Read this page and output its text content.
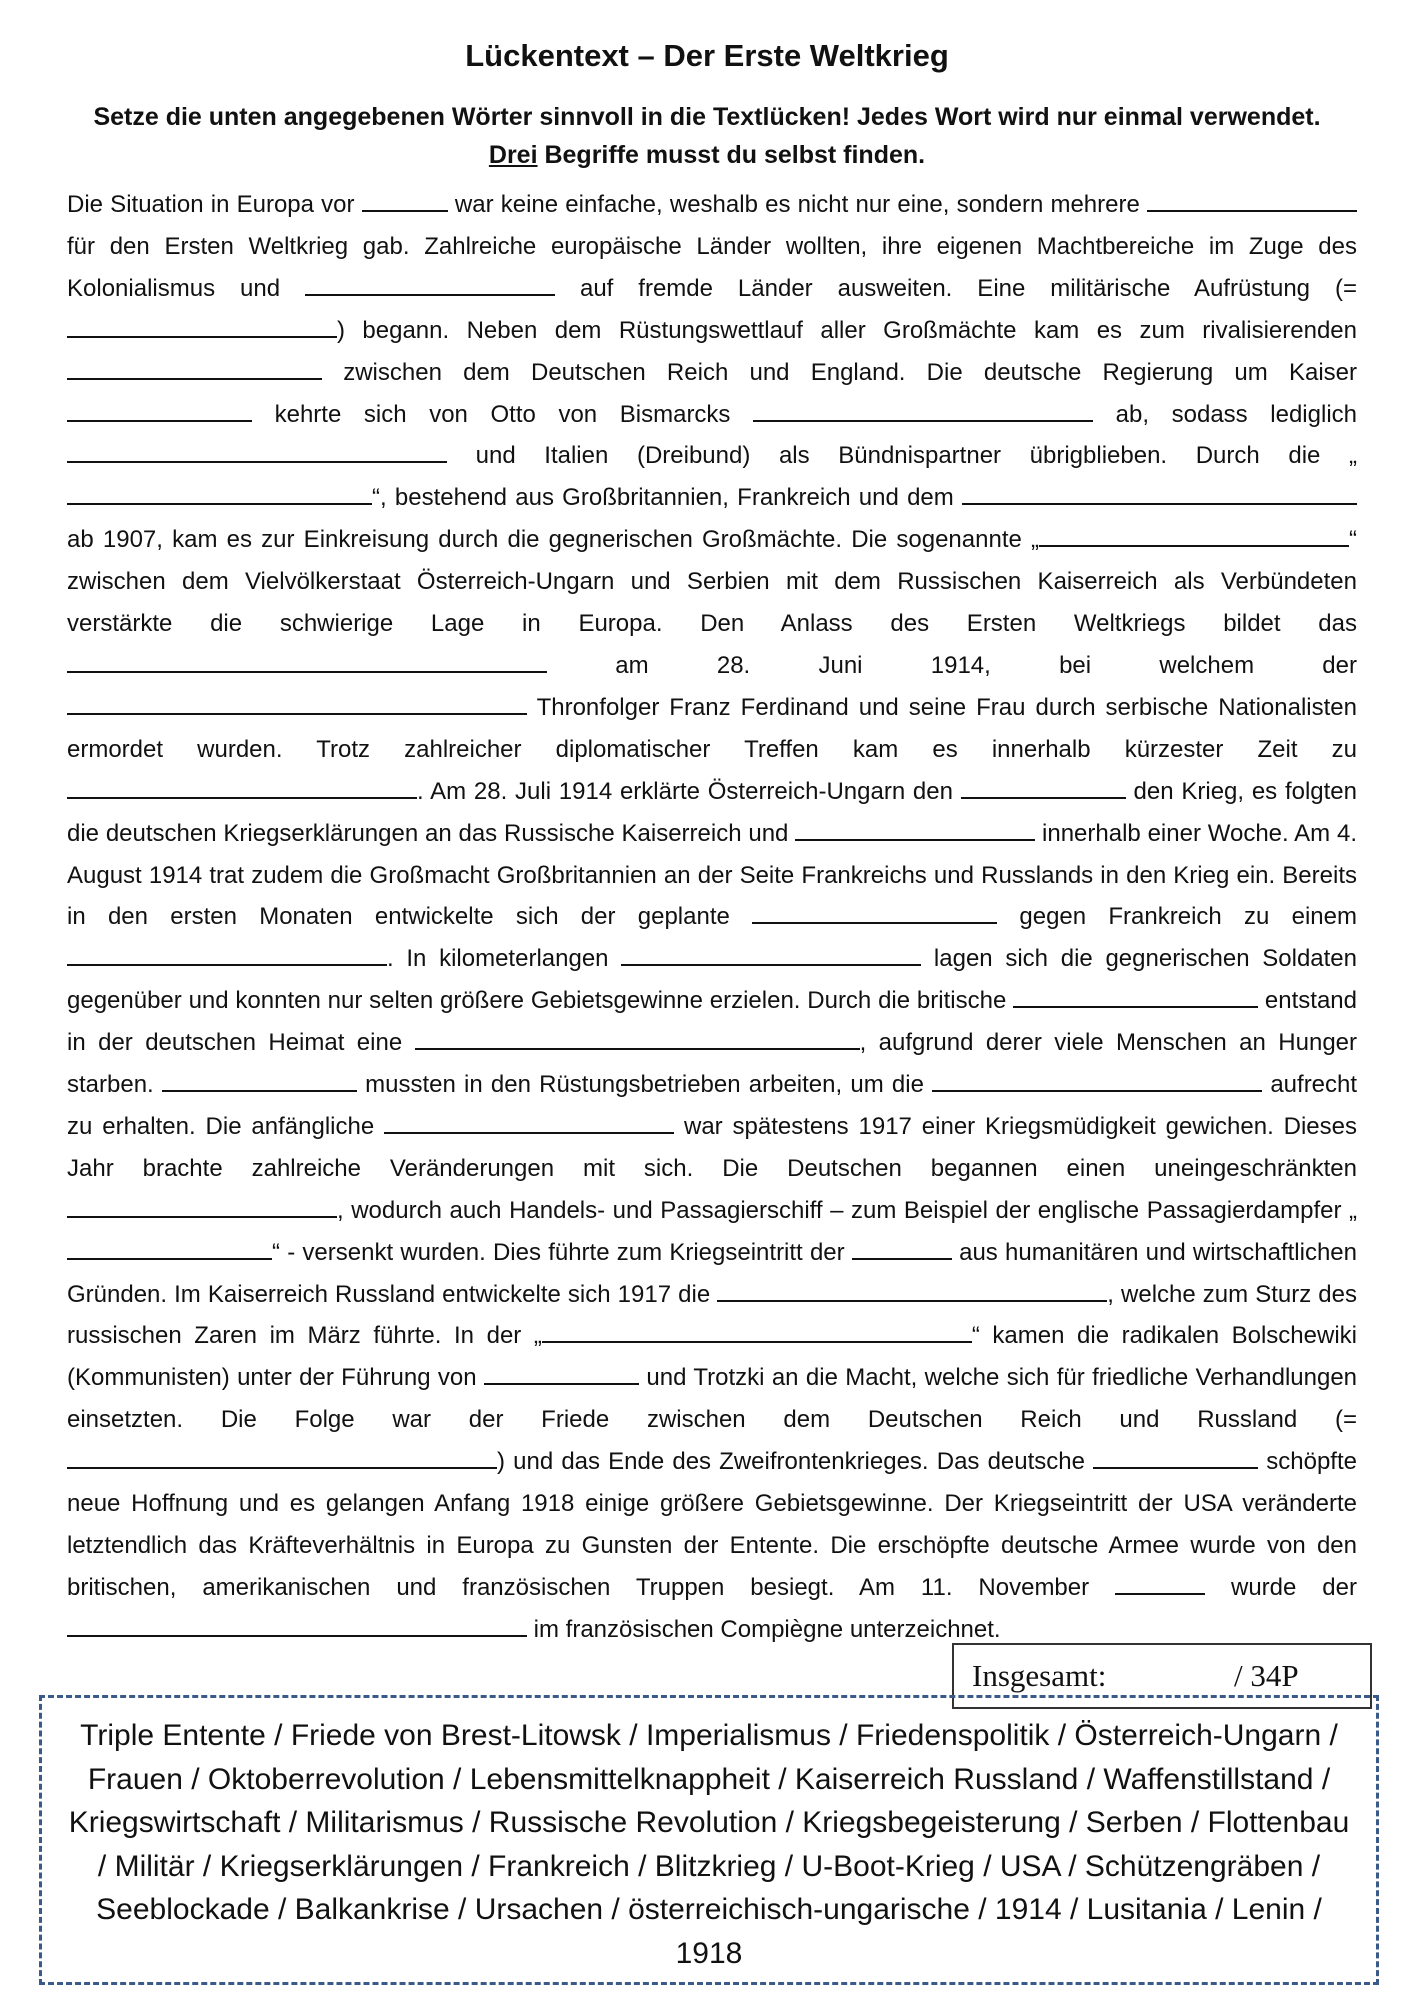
Lückentext – Der Erste Weltkrieg
Setze die unten angegebenen Wörter sinnvoll in die Textlücken! Jedes Wort wird nur einmal verwendet. Drei Begriffe musst du selbst finden.
Die Situation in Europa vor	war keine einfache, weshalb es nicht nur eine, sondern mehrere  für den Ersten Weltkrieg gab. Zahlreiche europäische Länder wollten, ihre eigenen Machtbereiche im Zuge des Kolonialismus und	auf fremde Länder ausweiten. Eine militärische Aufrüstung (= ) begann. Neben dem Rüstungswettlauf aller Großmächte kam es zum rivalisierenden  zwischen dem Deutschen Reich und England. Die deutsche Regierung um Kaiser  kehrte sich von Otto von Bismarcks	ab, sodass lediglich  und Italien (Dreibund) als Bündnispartner übrigblieben. Durch die „“, bestehend aus Großbritannien, Frankreich und dem  ab 1907, kam es zur Einkreisung durch die gegnerischen Großmächte. Die sogenannte „	“ zwischen dem Vielvölkerstaat Österreich-Ungarn und Serbien mit dem Russischen Kaiserreich als Verbündeten verstärkte die schwierige Lage in Europa. Den Anlass des Ersten Weltkriegs bildet das  am 28. Juni 1914, bei welchem der  Thronfolger Franz Ferdinand und seine Frau durch serbische Nationalisten ermordet wurden. Trotz zahlreicher diplomatischer Treffen kam es innerhalb kürzester Zeit zu . Am 28. Juli 1914 erklärte Österreich-Ungarn den	den Krieg, es folgten die deutschen Kriegserklärungen an das Russische Kaiserreich und	innerhalb einer Woche. Am 4. August 1914 trat zudem die Großmacht Großbritannien an der Seite Frankreichs und Russlands in den Krieg ein. Bereits in den ersten Monaten entwickelte sich der geplante	gegen Frankreich zu einem . In kilometerlangen	lagen sich die gegnerischen Soldaten gegenüber und konnten nur selten größere Gebietsgewinne erzielen. Durch die britische	entstand in der deutschen Heimat eine	, aufgrund derer viele Menschen an Hunger starben.	mussten in den Rüstungsbetrieben arbeiten, um die	aufrecht zu erhalten. Die anfängliche	war spätestens 1917 einer Kriegsmüdigkeit gewichen. Dieses Jahr brachte zahlreiche Veränderungen mit sich. Die Deutschen begannen einen uneingeschränkten , wodurch auch Handels- und Passagierschiff – zum Beispiel der englische Passagierdampfer „“ - versenkt wurden. Dies führte zum Kriegseintritt der	aus humanitären und wirtschaftlichen Gründen. Im Kaiserreich Russland entwickelte sich 1917 die	, welche zum Sturz des russischen Zaren im März führte. In der „	“ kamen die radikalen Bolschewiki (Kommunisten) unter der Führung von	und Trotzki an die Macht, welche sich für friedliche Verhandlungen einsetzten. Die Folge war der Friede zwischen dem Deutschen Reich und Russland (= ) und das Ende des Zweifrontenkrieges. Das deutsche	schöpfte neue Hoffnung und es gelangen Anfang 1918 einige größere Gebietsgewinne. Der Kriegseintritt der USA veränderte letztendlich das Kräfteverhältnis in Europa zu Gunsten der Entente. Die erschöpfte deutsche Armee wurde von den britischen, amerikanischen und französischen Truppen besiegt. Am 11. November	wurde der  im französischen Compiègne unterzeichnet.
Insgesamt:	/ 34P
Triple Entente / Friede von Brest-Litowsk / Imperialismus / Friedenspolitik / Österreich-Ungarn / Frauen / Oktoberrevolution / Lebensmittelknappheit / Kaiserreich Russland / Waffenstillstand / Kriegswirtschaft / Militarismus / Russische Revolution / Kriegsbegeisterung / Serben / Flottenbau / Militär / Kriegserklärungen / Frankreich / Blitzkrieg / U-Boot-Krieg / USA / Schützengräben / Seeblockade / Balkankrise / Ursachen / österreichisch-ungarische / 1914 / Lusitania / Lenin / 1918
